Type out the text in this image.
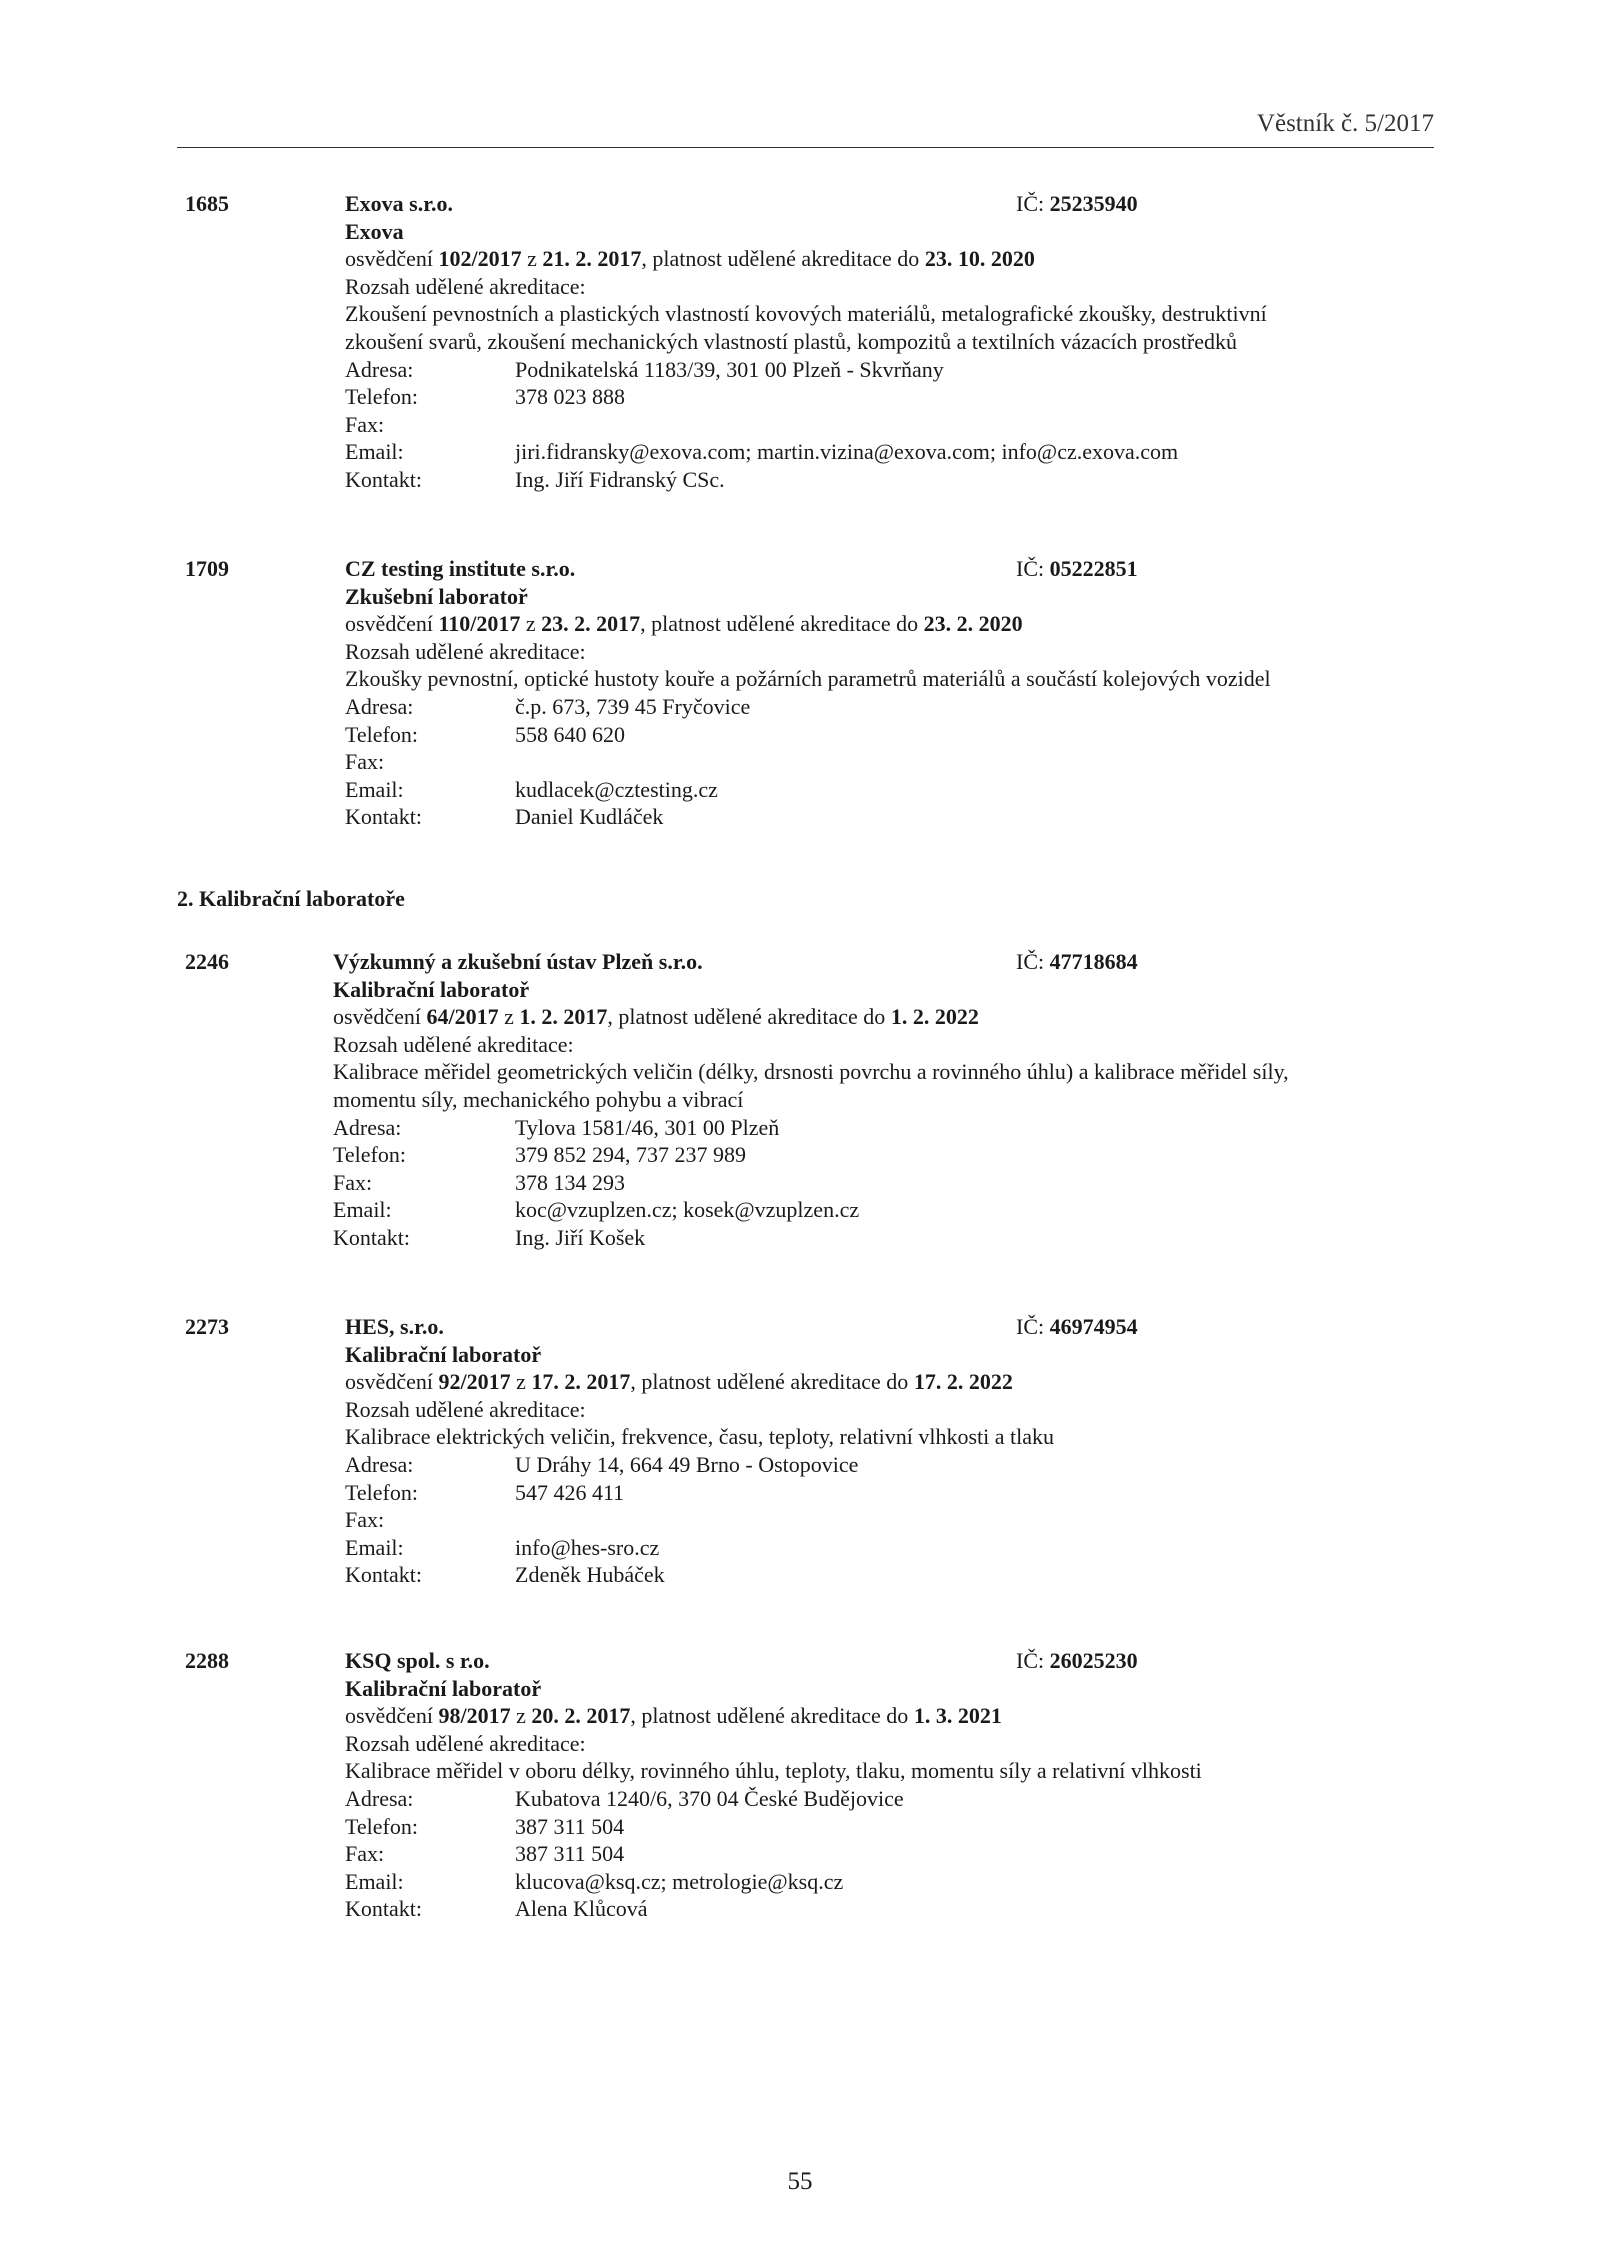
Věstník č. 5/2017
1685	Exova s.r.o.	IČ: 25235940
Exova
osvědčení 102/2017 z 21. 2. 2017, platnost udělené akreditace do 23. 10. 2020
Rozsah udělené akreditace:
Zkoušení pevnostních a plastických vlastností kovových materiálů, metalografické zkoušky, destruktivní
zkoušení svarů, zkoušení mechanických vlastností plastů, kompozitů a textilních vázacích prostředků
Adresa:	Podnikatelská 1183/39, 301 00 Plzeň - Skvrňany
Telefon:	378 023 888
Fax:
Email:	jiri.fidransky@exova.com; martin.vizina@exova.com; info@cz.exova.com
Kontakt:	Ing. Jiří Fidranský CSc.
1709	CZ testing institute s.r.o.	IČ: 05222851
Zkušební laboratoř
osvědčení 110/2017 z 23. 2. 2017, platnost udělené akreditace do 23. 2. 2020
Rozsah udělené akreditace:
Zkoušky pevnostní, optické hustoty kouře a požárních parametrů materiálů a součástí kolejových vozidel
Adresa:	č.p. 673, 739 45 Fryčovice
Telefon:	558 640 620
Fax:
Email:	kudlacek@cztesting.cz
Kontakt:	Daniel Kudláček
2. Kalibrační laboratoře
2246	Výzkumný a zkušební ústav Plzeň s.r.o.	IČ: 47718684
Kalibrační laboratoř
osvědčení 64/2017 z 1. 2. 2017, platnost udělené akreditace do 1. 2. 2022
Rozsah udělené akreditace:
Kalibrace měřidel geometrických veličin (délky, drsnosti povrchu a rovinného úhlu) a kalibrace měřidel síly,
momentu síly, mechanického pohybu a vibrací
Adresa:	Tylova 1581/46, 301 00 Plzeň
Telefon:	379 852 294, 737 237 989
Fax:	378 134 293
Email:	koc@vzuplzen.cz; kosek@vzuplzen.cz
Kontakt:	Ing. Jiří Košek
2273	HES, s.r.o.	IČ: 46974954
Kalibrační laboratoř
osvědčení 92/2017 z 17. 2. 2017, platnost udělené akreditace do 17. 2. 2022
Rozsah udělené akreditace:
Kalibrace elektrických veličin, frekvence, času, teploty, relativní vlhkosti a tlaku
Adresa:	U Dráhy 14, 664 49 Brno - Ostopovice
Telefon:	547 426 411
Fax:
Email:	info@hes-sro.cz
Kontakt:	Zdeněk Hubáček
2288	KSQ spol. s r.o.	IČ: 26025230
Kalibrační laboratoř
osvědčení 98/2017 z 20. 2. 2017, platnost udělené akreditace do 1. 3. 2021
Rozsah udělené akreditace:
Kalibrace měřidel v oboru délky, rovinného úhlu, teploty, tlaku, momentu síly a relativní vlhkosti
Adresa:	Kubatova 1240/6, 370 04 České Budějovice
Telefon:	387 311 504
Fax:	387 311 504
Email:	klucova@ksq.cz; metrologie@ksq.cz
Kontakt:	Alena Klůcová
55
